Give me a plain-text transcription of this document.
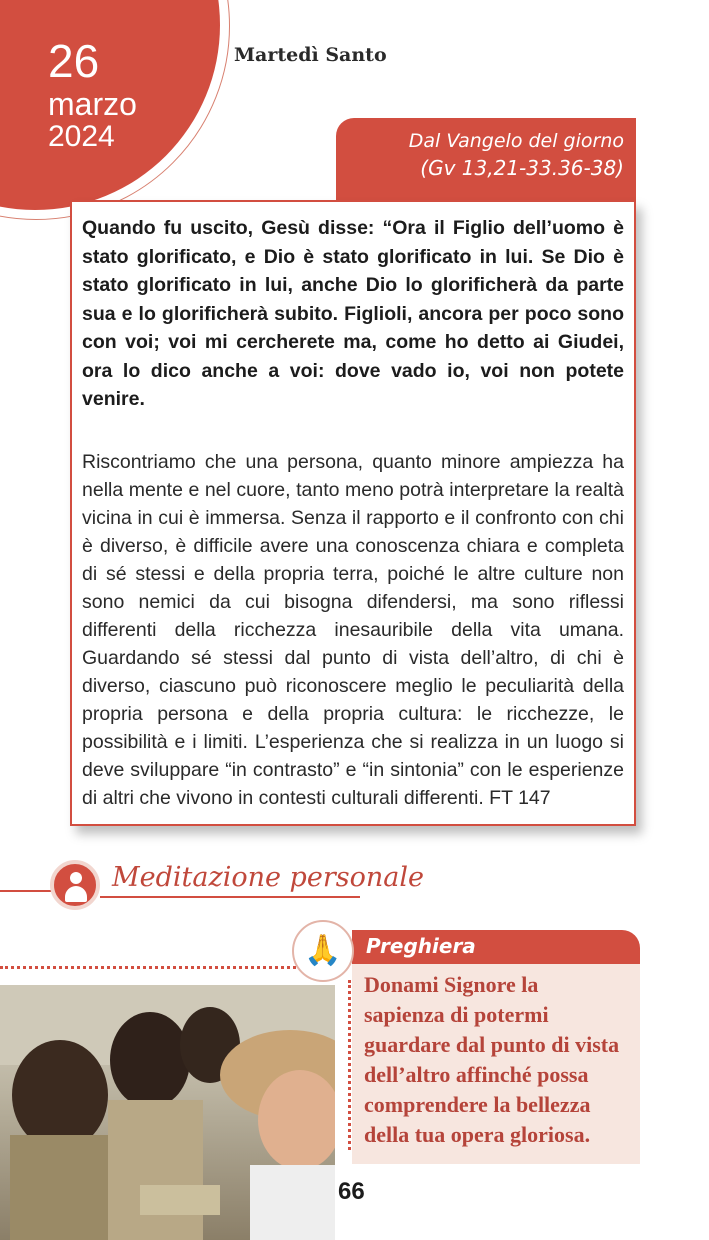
26
marzo
2024
Martedì Santo
Dal Vangelo del giorno
(Gv 13,21-33.36-38)

Quando fu uscito, Gesù disse: “Ora il Figlio dell’uomo è stato glorificato, e Dio è stato glorificato in lui. Se Dio è stato glorificato in lui, anche Dio lo glorificherà da parte sua e lo glorificherà subito. Figlioli, ancora per poco sono con voi; voi mi cercherete ma, come ho detto ai Giudei, ora lo dico anche a voi: dove vado io, voi non potete venire.

Riscontriamo che una persona, quanto minore ampiezza ha nella mente e nel cuore, tanto meno potrà interpretare la realtà vicina in cui è immersa. Senza il rapporto e il confronto con chi è diverso, è difficile avere una conoscenza chiara e completa di sé stessi e della propria terra, poiché le altre culture non sono nemici da cui bisogna difendersi, ma sono riflessi differenti della ricchezza inesauribile della vita umana. Guardando sé stessi dal punto di vista dell’altro, di chi è diverso, ciascuno può riconoscere meglio le peculiarità della propria persona e della propria cultura: le ricchezze, le possibilità e i limiti. L’esperienza che si realizza in un luogo si deve sviluppare “in contrasto” e “in sintonia” con le esperienze di altri che vivono in contesti culturali differenti. FT 147

Meditazione personale
Preghiera
🙏
Donami Signore la
sapienza di potermi
guardare dal punto di vista
dell’altro affinché possa
comprendere la bellezza
della tua opera gloriosa.
66
